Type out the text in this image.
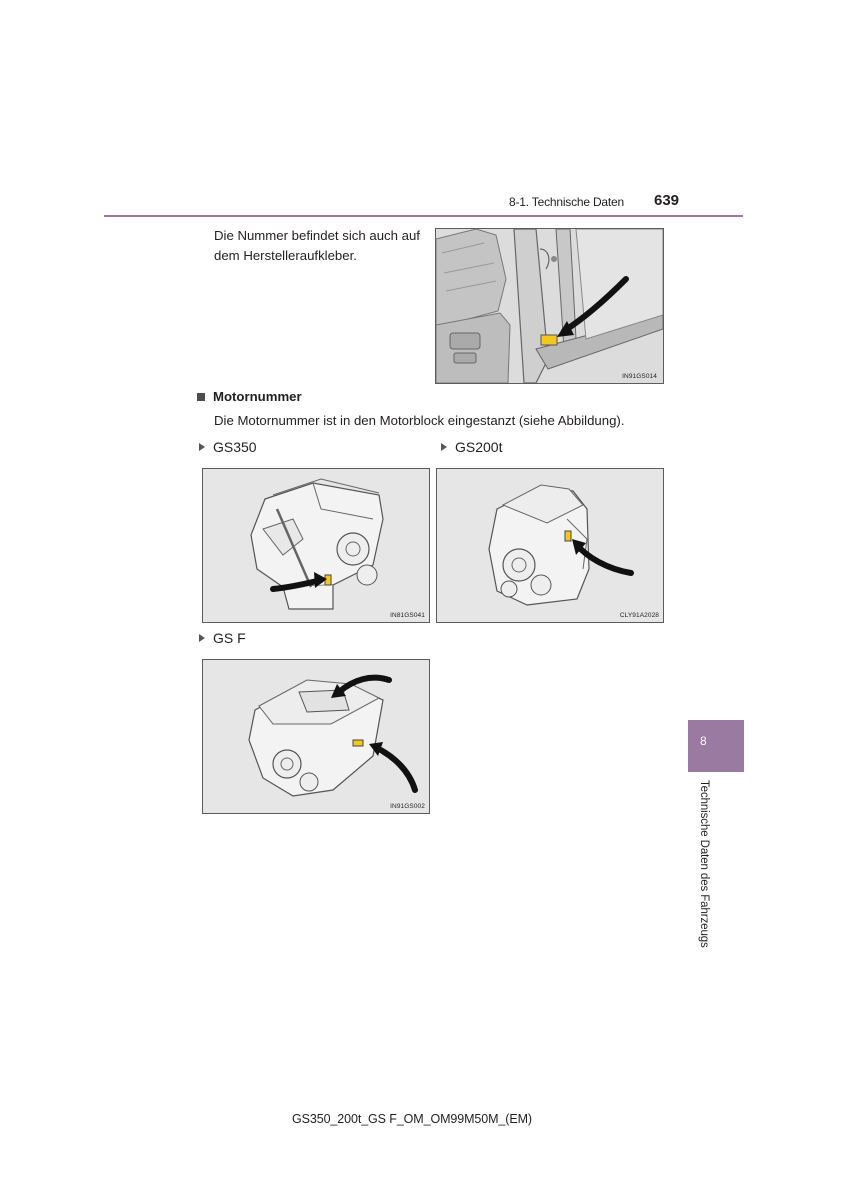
8-1. Technische Daten 639
Die Nummer befindet sich auch auf dem Herstelleraufkleber.
IN91GS014
Motornummer
Die Motornummer ist in den Motorblock eingestanzt (siehe Abbildung).
GS350	GS200t
IN81GS041	CLY91A2028
GS F
IN91GS002
8
Technische Daten des Fahrzeugs
GS350_200t_GS F_OM_OM99M50M_(EM)
